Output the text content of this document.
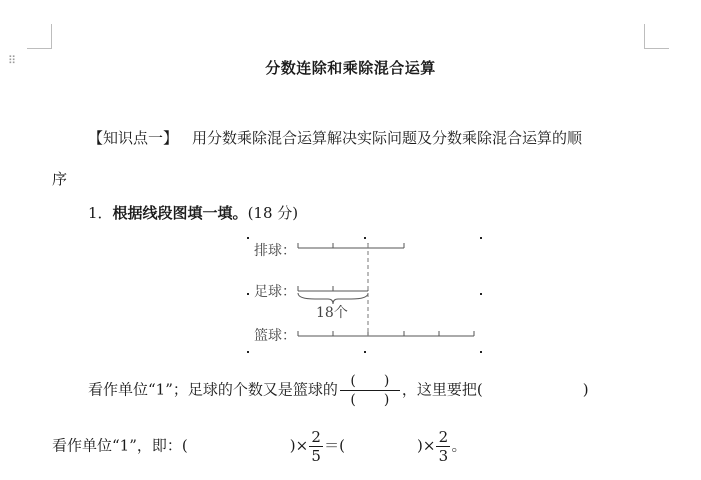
⠿	分数连除和乘除混合运算
【知识点一】 用分数乘除混合运算解决实际问题及分数乘除混合运算的顺
序
1．根据线段图填一填。(18 分)
排球：
足球：
篮球：
18个
看作单位“1”；足球的个数又是篮球的 $\frac{( )}{( )}$ ，这里要把(	)
看作单位“1”，即：(	)× $\frac{2}{5}$ ＝(	)× $\frac{2}{3}$ 。
